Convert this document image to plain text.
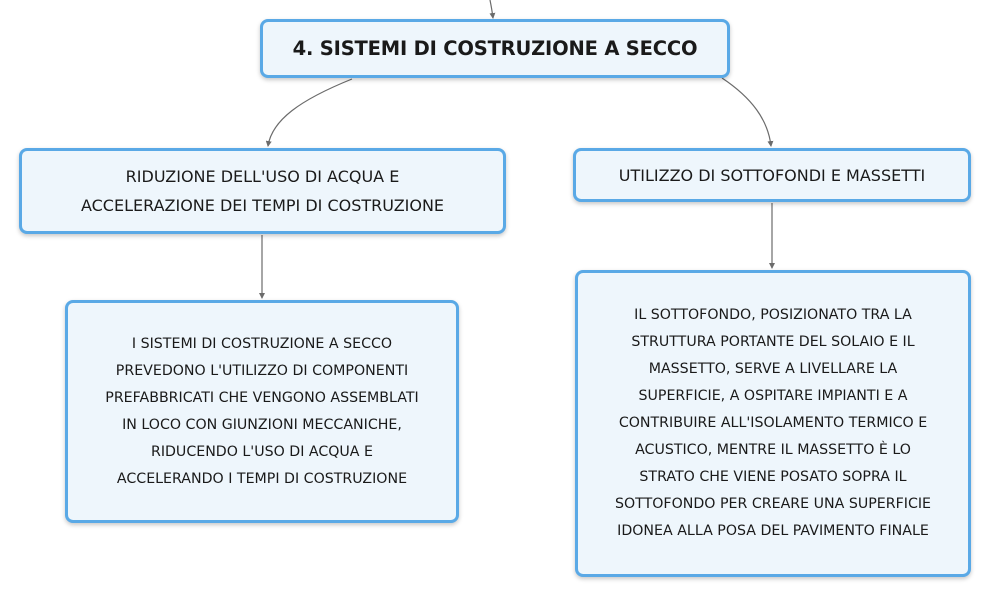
4. SISTEMI DI COSTRUZIONE A SECCO
RIDUZIONE DELL'USO DI ACQUA E
ACCELERAZIONE DEI TEMPI DI COSTRUZIONE
UTILIZZO DI SOTTOFONDI E MASSETTI
I SISTEMI DI COSTRUZIONE A SECCO
PREVEDONO L'UTILIZZO DI COMPONENTI
PREFABBRICATI CHE VENGONO ASSEMBLATI
IN LOCO CON GIUNZIONI MECCANICHE,
RIDUCENDO L'USO DI ACQUA E
ACCELERANDO I TEMPI DI COSTRUZIONE
IL SOTTOFONDO, POSIZIONATO TRA LA
STRUTTURA PORTANTE DEL SOLAIO E IL
MASSETTO, SERVE A LIVELLARE LA
SUPERFICIE, A OSPITARE IMPIANTI E A
CONTRIBUIRE ALL'ISOLAMENTO TERMICO E
ACUSTICO, MENTRE IL MASSETTO È LO
STRATO CHE VIENE POSATO SOPRA IL
SOTTOFONDO PER CREARE UNA SUPERFICIE
IDONEA ALLA POSA DEL PAVIMENTO FINALE
